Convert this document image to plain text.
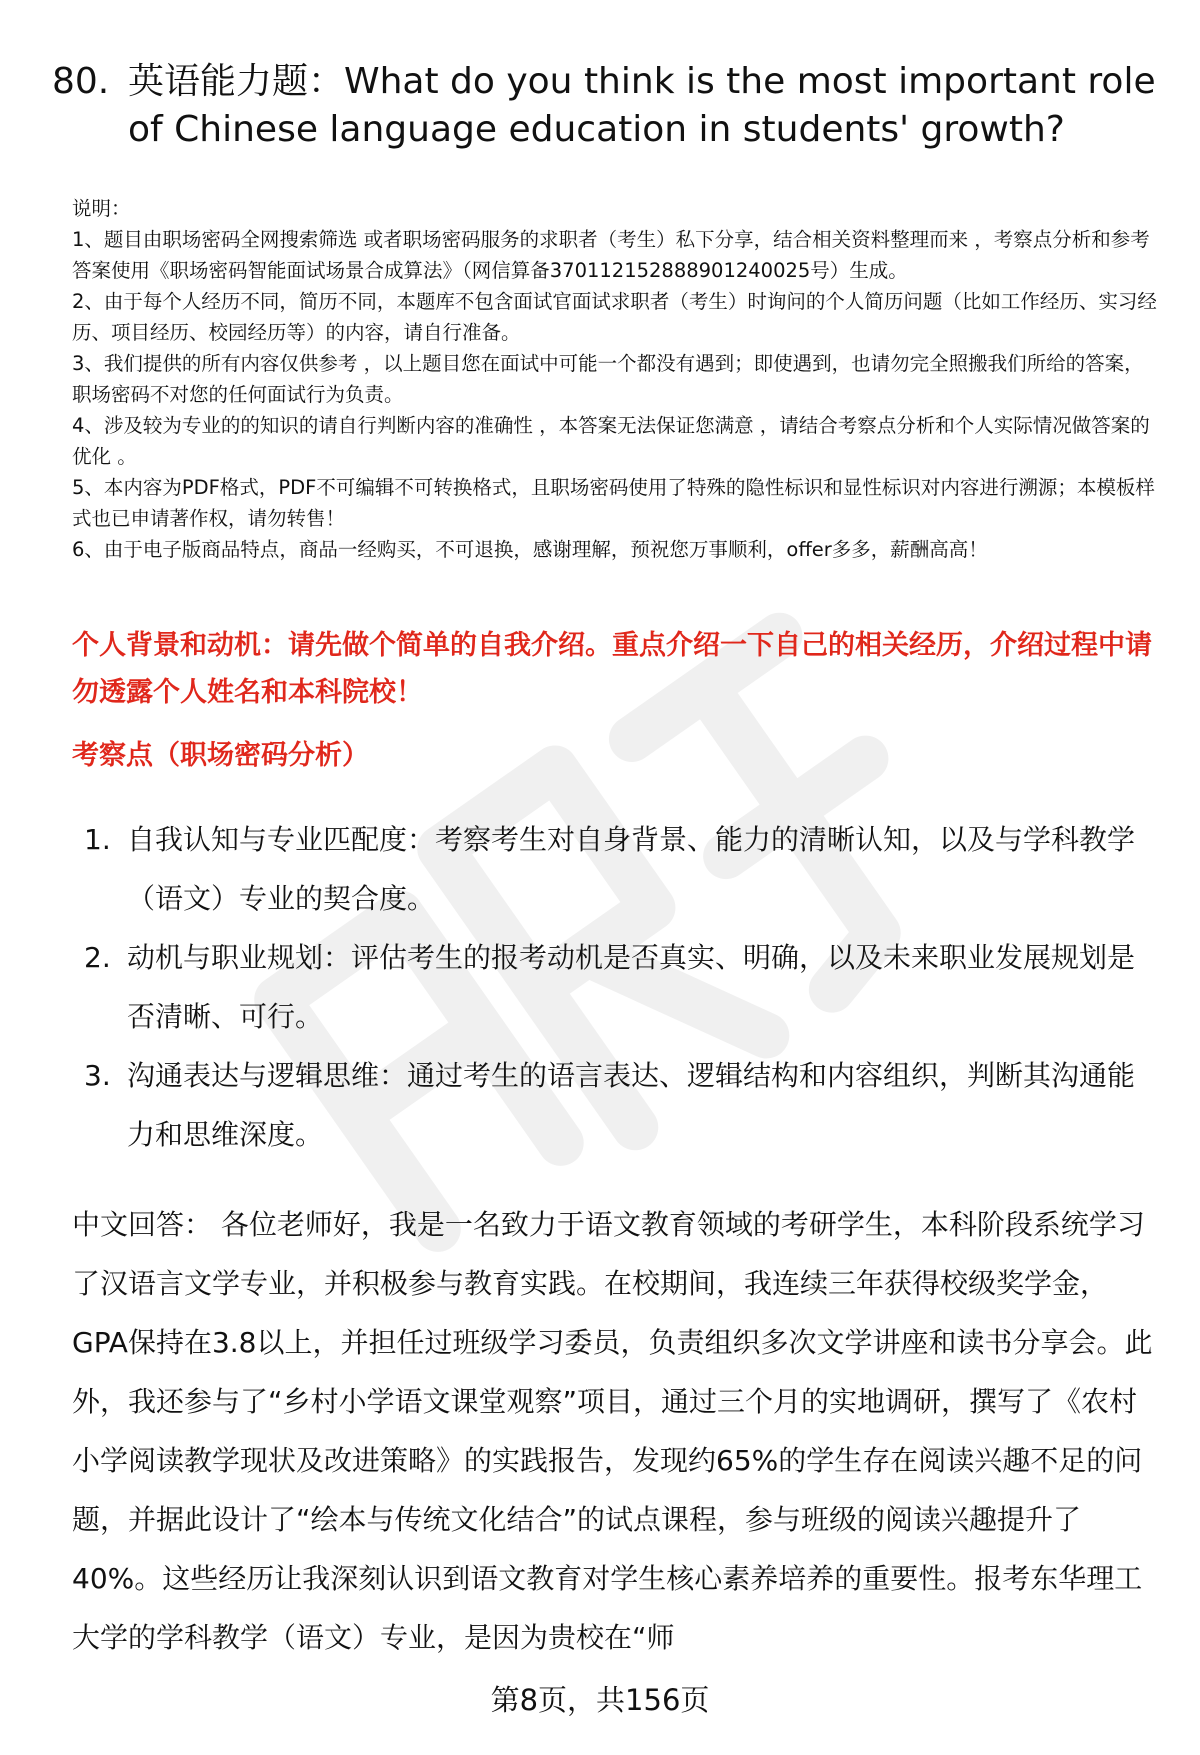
80. 英语能力题：What do you think is the most important role of Chinese language education in students' growth?

说明：

1、题目由职场密码全网搜索筛选 或者职场密码服务的求职者（考生）私下分享，结合相关资料整理而来 ，考察点分析和参考答案使用《职场密码智能面试场景合成算法》（网信算备370112152888901240025号）生成。

2、由于每个人经历不同，简历不同，本题库不包含面试官面试求职者（考生）时询问的个人简历问题（比如工作经历、实习经历、项目经历、校园经历等）的内容，请自行准备。

3、我们提供的所有内容仅供参考 ，以上题目您在面试中可能一个都没有遇到；即使遇到，也请勿完全照搬我们所给的答案，职场密码不对您的任何面试行为负责。

4、涉及较为专业的的知识的请自行判断内容的准确性 ，本答案无法保证您满意 ，请结合考察点分析和个人实际情况做答案的优化 。

5、本内容为PDF格式，PDF不可编辑不可转换格式，且职场密码使用了特殊的隐性标识和显性标识对内容进行溯源；本模板样式也已申请著作权，请勿转售！

6、由于电子版商品特点，商品一经购买，不可退换，感谢理解，预祝您万事顺利，offer多多，薪酬高高！

个人背景和动机：请先做个简单的自我介绍。重点介绍一下自己的相关经历，介绍过程中请勿透露个人姓名和本科院校！
考察点（职场密码分析）
1. 自我认知与专业匹配度：考察考生对自身背景、能力的清晰认知，以及与学科教学（语文）专业的契合度。
2. 动机与职业规划：评估考生的报考动机是否真实、明确，以及未来职业发展规划是否清晰、可行。
3. 沟通表达与逻辑思维：通过考生的语言表达、逻辑结构和内容组织，判断其沟通能力和思维深度。

中文回答： 各位老师好，我是一名致力于语文教育领域的考研学生，本科阶段系统学习了汉语言文学专业，并积极参与教育实践。在校期间，我连续三年获得校级奖学金，GPA保持在3.8以上，并担任过班级学习委员，负责组织多次文学讲座和读书分享会。此外，我还参与了“乡村小学语文课堂观察”项目，通过三个月的实地调研，撰写了《农村小学阅读教学现状及改进策略》的实践报告，发现约65%的学生存在阅读兴趣不足的问题，并据此设计了“绘本与传统文化结合”的试点课程，参与班级的阅读兴趣提升了40%。这些经历让我深刻认识到语文教育对学生核心素养培养的重要性。报考东华理工大学的学科教学（语文）专业，是因为贵校在“师

第8页，共156页
